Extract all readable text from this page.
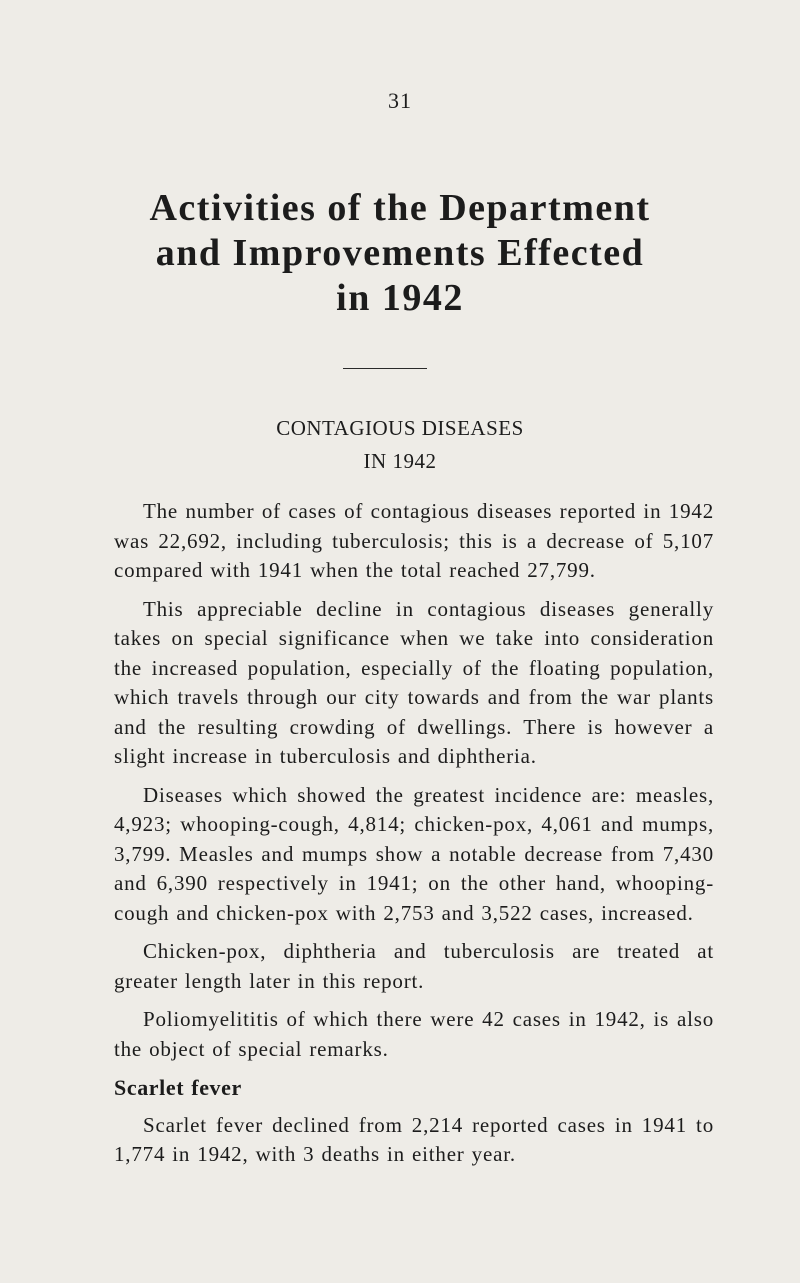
31
Activities of the Department
and Improvements Effected
in 1942
CONTAGIOUS DISEASES
IN 1942

The number of cases of contagious diseases reported in 1942 was 22,692, including tuberculosis; this is a decrease of 5,107 compared with 1941 when the total reached 27,799.

This appreciable decline in contagious diseases generally takes on special significance when we take into consideration the increased population, especially of the floating population, which travels through our city towards and from the war plants and the resulting crowding of dwellings. There is however a slight increase in tuberculosis and diphtheria.

Diseases which showed the greatest incidence are: measles, 4,923; whooping-cough, 4,814; chicken-pox, 4,061 and mumps, 3,799. Measles and mumps show a notable decrease from 7,430 and 6,390 respectively in 1941; on the other hand, whooping-cough and chicken-pox with 2,753 and 3,522 cases, increased.

Chicken-pox, diphtheria and tuberculosis are treated at greater length later in this report.

Poliomyelititis of which there were 42 cases in 1942, is also the object of special remarks.

Scarlet fever

Scarlet fever declined from 2,214 reported cases in 1941 to 1,774 in 1942, with 3 deaths in either year.
